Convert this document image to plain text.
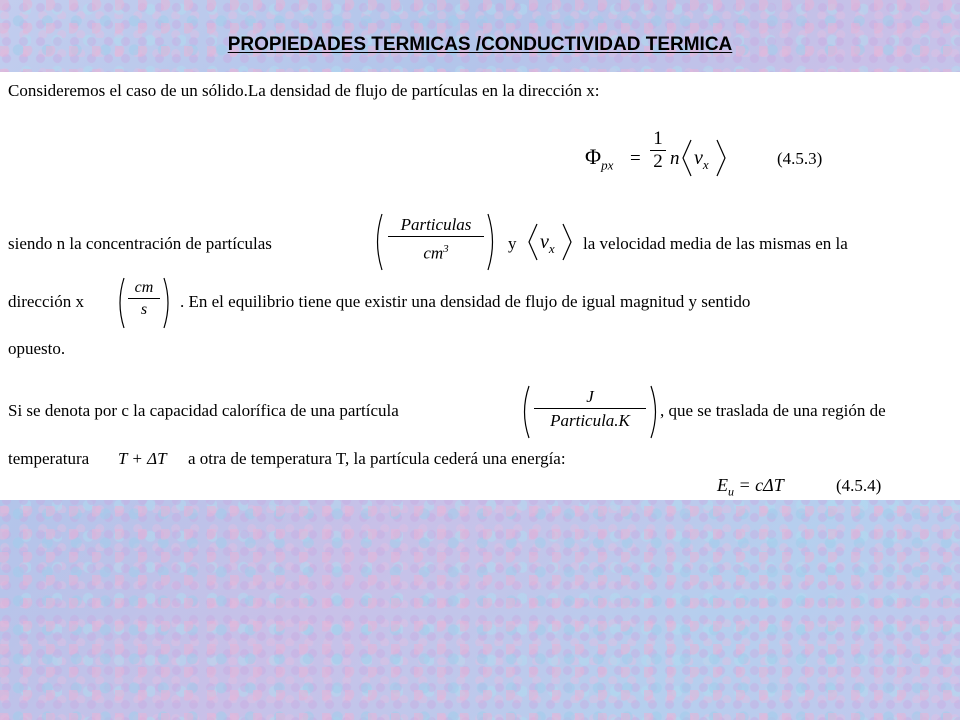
PROPIEDADES TERMICAS /CONDUCTIVIDAD TERMICA
Consideremos el caso de un sólido.La densidad de flujo de partículas en la dirección x:
$\Phi_{px}$ =
1
2 n $v_x$	(4.5.3)
siendo n la concentración de partículas
Particulas
$cm^3$	y $v_x$ la velocidad media de las mismas en la
dirección x
cm
s	. En el equilibrio tiene que existir una densidad de flujo de igual magnitud y sentido
opuesto.
Si se denota por c la capacidad calorífica de una partícula
J
Particula.K
, que se traslada de una región de
temperatura T + ΔT a otra de temperatura T, la partícula cederá una energía:
$E_u = c\Delta T$	(4.5.4)
